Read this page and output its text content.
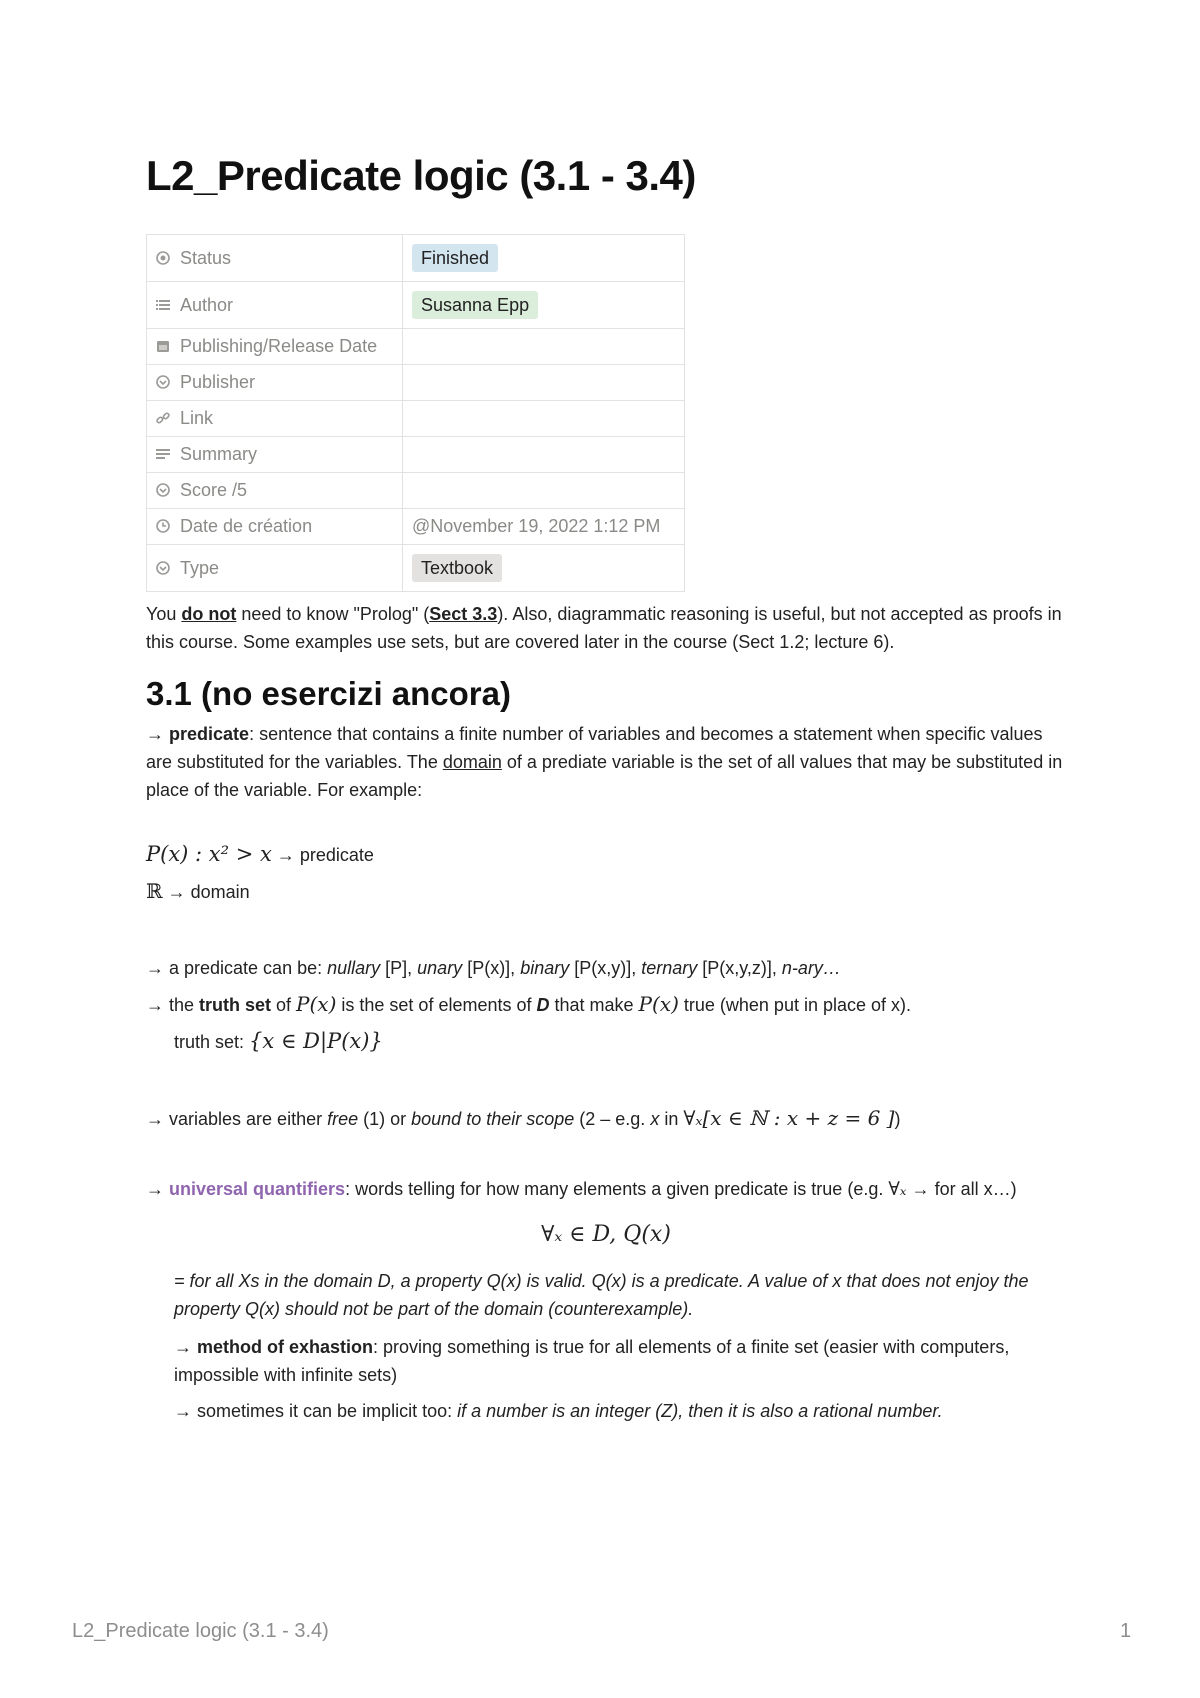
L2_Predicate logic (3.1 - 3.4)
Status	Finished

Author	Susanna Epp

Publishing/Release Date	

Publisher	

Link	

Summary	

Score /5	

Date de création	@November 19, 2022 1:12 PM

Type	Textbook

You do not need to know "Prolog" (Sect 3.3). Also, diagrammatic reasoning is useful, but not accepted as proofs in this course. Some examples use sets, but are covered later in the course (Sect 1.2; lecture 6).

3.1 (no esercizi ancora)

→ predicate: sentence that contains a finite number of variables and becomes a statement when specific values are substituted for the variables. The domain of a prediate variable is the set of all values that may be substituted in place of the variable. For example:

P(x) : x² > x → predicate

ℝ → domain

→ a predicate can be: nullary [P], unary [P(x)], binary [P(x,y)], ternary [P(x,y,z)], n-ary…

→ the truth set of P(x) is the set of elements of D that make P(x) true (when put in place of x).

truth set: {x ∈ D|P(x)}

→ variables are either free (1) or bound to their scope (2 – e.g. x in ∀ₓ[x ∈ ℕ : x + z = 6 ])

→ universal quantifiers: words telling for how many elements a given predicate is true (e.g. ∀ₓ → for all x…)

∀ₓ ∈ D, Q(x)

= for all Xs in the domain D, a property Q(x) is valid. Q(x) is a predicate. A value of x that does not enjoy the property Q(x) should not be part of the domain (counterexample).

→ method of exhastion: proving something is true for all elements of a finite set (easier with computers, impossible with infinite sets)

→ sometimes it can be implicit too: if a number is an integer (Z), then it is also a rational number.

L2_Predicate logic (3.1 - 3.4)	1
